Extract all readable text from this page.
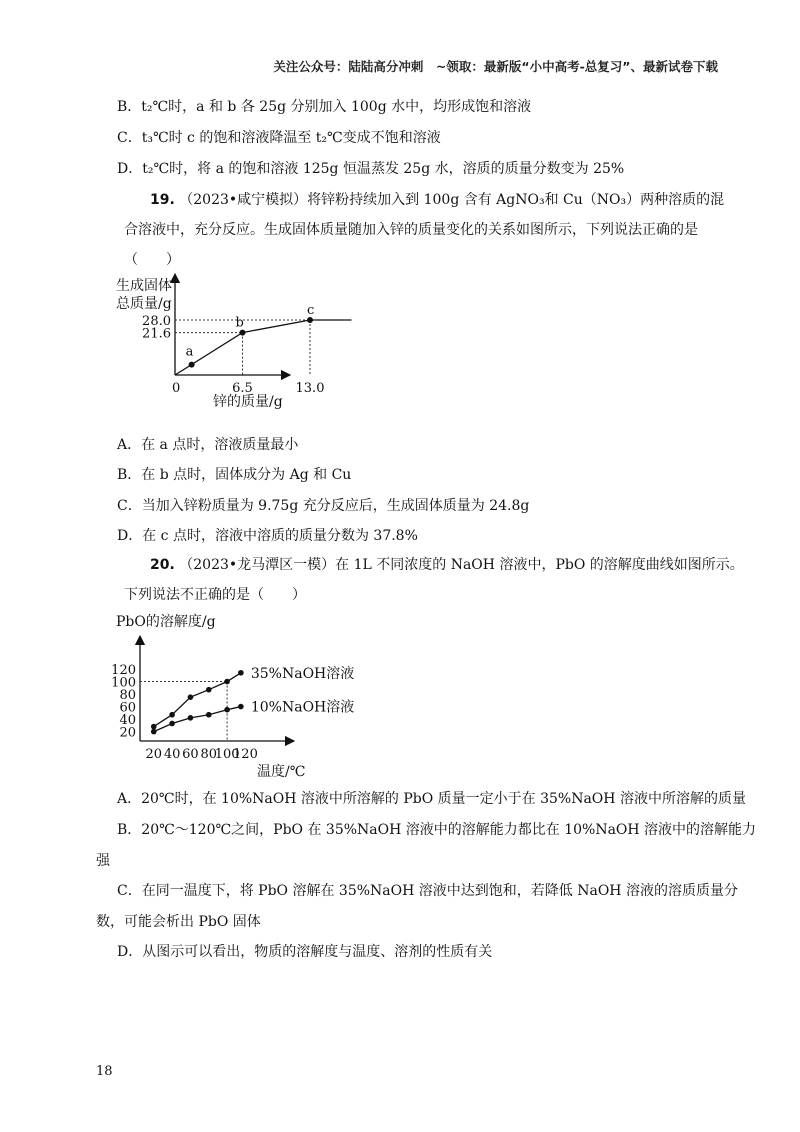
关注公众号：陆陆高分冲刺　~领取：最新版“小中高考-总复习”、最新试卷下载
B．t₂℃时，a 和 b 各 25g 分别加入 100g 水中，均形成饱和溶液
C．t₃℃时 c 的饱和溶液降温至 t₂℃变成不饱和溶液
D．t₂℃时，将 a 的饱和溶液 125g 恒温蒸发 25g 水，溶质的质量分数变为 25%
19. （2023•咸宁模拟）将锌粉持续加入到 100g 含有 AgNO₃和 Cu（NO₃）两种溶质的混
合溶液中，充分反应。生成固体质量随加入锌的质量变化的关系如图所示，下列说法正确的是
（　　）
生成固体
总质量/g
a
b
c
0	6.5	13.0
21.6
28.0
锌的质量/g
A．在 a 点时，溶液质量最小
B．在 b 点时，固体成分为 Ag 和 Cu
C．当加入锌粉质量为 9.75g 充分反应后，生成固体质量为 24.8g
D．在 c 点时，溶液中溶质的质量分数为 37.8%
20. （2023•龙马潭区一模）在 1L 不同浓度的 NaOH 溶液中，PbO 的溶解度曲线如图所示。
下列说法不正确的是（　　）
PbO的溶解度/g
35%NaOH溶液
10%NaOH溶液
20 40 60 80
100
120
20
40
60
80
100
120
温度/℃
A．20℃时，在 10%NaOH 溶液中所溶解的 PbO 质量一定小于在 35%NaOH 溶液中所溶解的质量
B．20℃～120℃之间，PbO 在 35%NaOH 溶液中的溶解能力都比在 10%NaOH 溶液中的溶解能力
强
C．在同一温度下，将 PbO 溶解在 35%NaOH 溶液中达到饱和，若降低 NaOH 溶液的溶质质量分
数，可能会析出 PbO 固体
D．从图示可以看出，物质的溶解度与温度、溶剂的性质有关
18
